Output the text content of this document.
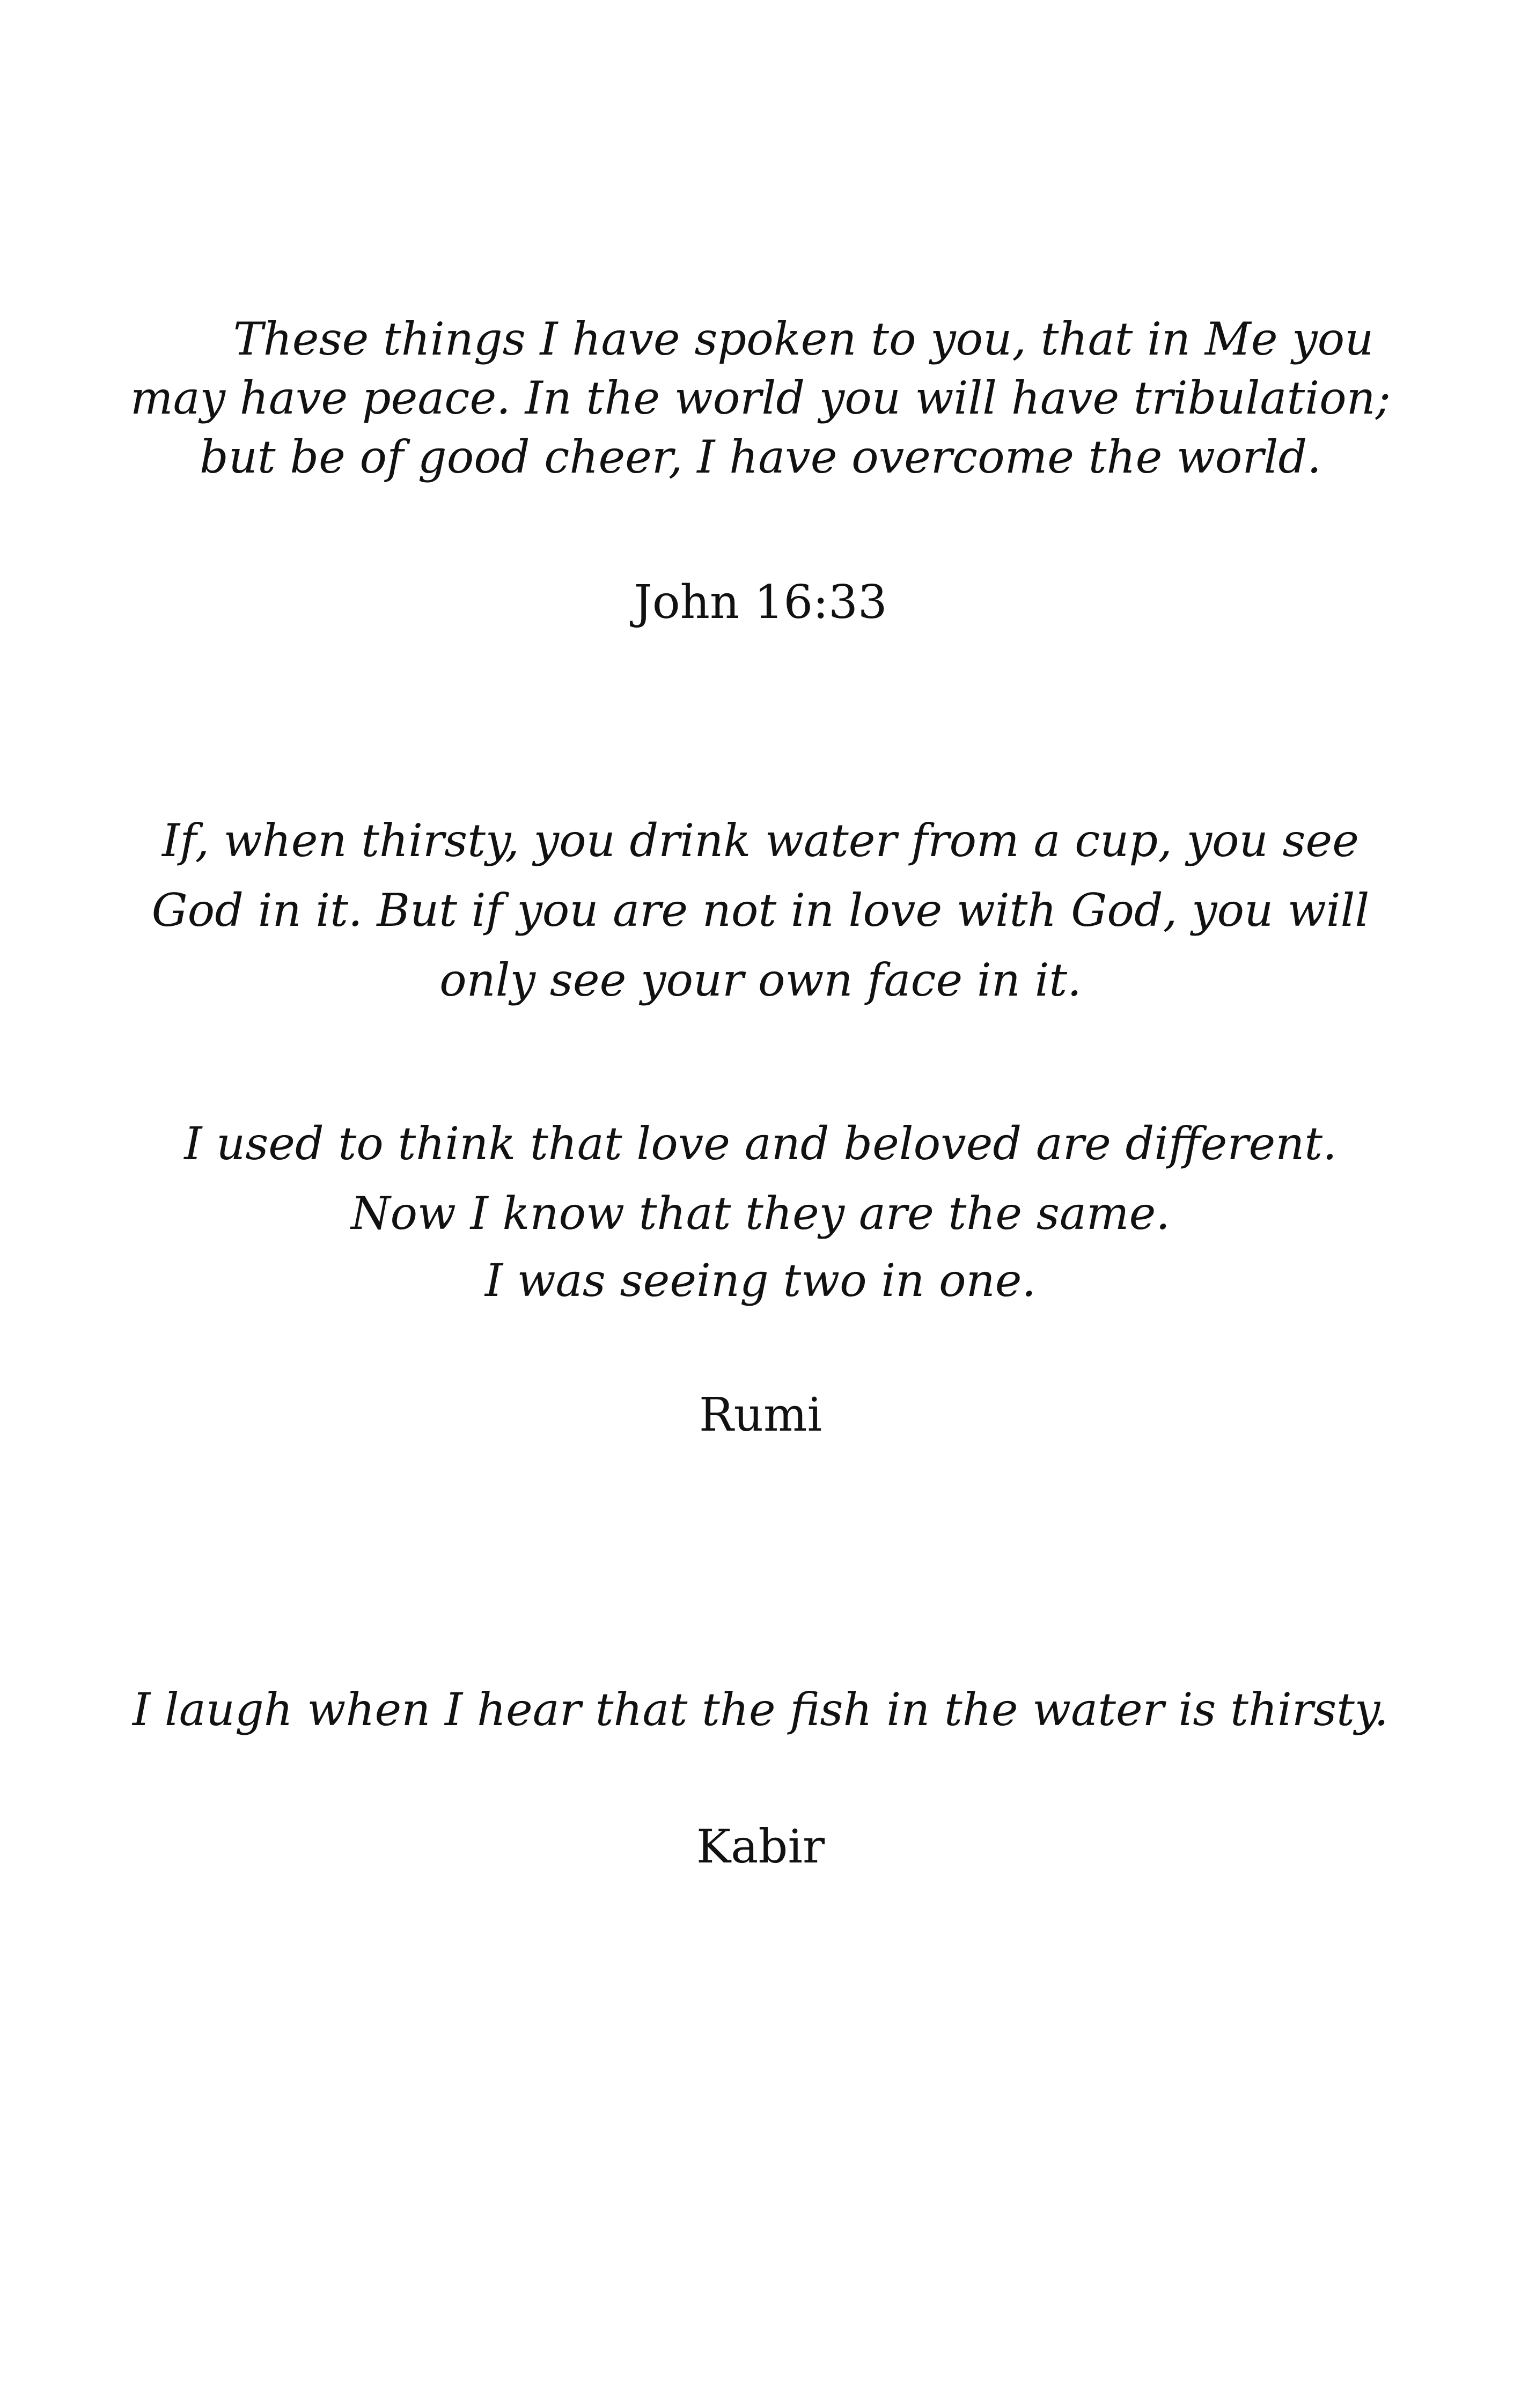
These things I have spoken to you, that in Me you
may have peace. In the world you will have tribulation;
but be of good cheer, I have overcome the world.
John 16:33
If, when thirsty, you drink water from a cup, you see
God in it. But if you are not in love with God, you will
only see your own face in it.
I used to think that love and beloved are different.
Now I know that they are the same.
I was seeing two in one.
Rumi
I laugh when I hear that the fish in the water is thirsty.
Kabir
